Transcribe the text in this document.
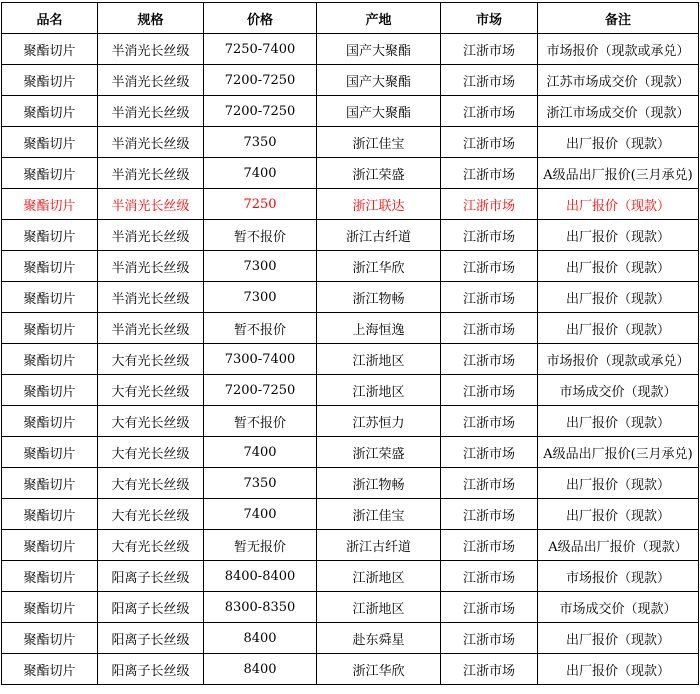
品名	规格	价格	产地	市场	备注
聚酯切片	半消光长丝级	7250-7400	国产大聚酯	江浙市场	市场报价（现款或承兑）
聚酯切片	半消光长丝级	7200-7250	国产大聚酯	江浙市场	江苏市场成交价（现款）
聚酯切片	半消光长丝级	7200-7250	国产大聚酯	江浙市场	浙江市场成交价（现款）
聚酯切片	半消光长丝级	7350	浙江佳宝	江浙市场	出厂报价（现款）
聚酯切片	半消光长丝级	7400	浙江荣盛	江浙市场	A级品出厂报价(三月承兑)
聚酯切片	半消光长丝级	7250	浙江联达	江浙市场	出厂报价（现款）
聚酯切片	半消光长丝级	暂不报价	浙江古纤道	江浙市场	出厂报价（现款）
聚酯切片	半消光长丝级	7300	浙江华欣	江浙市场	出厂报价（现款）
聚酯切片	半消光长丝级	7300	浙江物畅	江浙市场	出厂报价（现款）
聚酯切片	半消光长丝级	暂不报价	上海恒逸	江浙市场	出厂报价（现款）
聚酯切片	大有光长丝级	7300-7400	江浙地区	江浙市场	市场报价（现款或承兑）
聚酯切片	大有光长丝级	7200-7250	江浙地区	江浙市场	市场成交价（现款）
聚酯切片	大有光长丝级	暂不报价	江苏恒力	江浙市场	出厂报价（现款）
聚酯切片	大有光长丝级	7400	浙江荣盛	江浙市场	A级品出厂报价(三月承兑)
聚酯切片	大有光长丝级	7350	浙江物畅	江浙市场	出厂报价（现款）
聚酯切片	大有光长丝级	7400	浙江佳宝	江浙市场	出厂报价（现款）
聚酯切片	大有光长丝级	暂无报价	浙江古纤道	江浙市场	A级品出厂报价（现款）
聚酯切片	阳离子长丝级	8400-8400	江浙地区	江浙市场	市场报价（现款）
聚酯切片	阳离子长丝级	8300-8350	江浙地区	江浙市场	市场成交价（现款）
聚酯切片	阳离子长丝级	8400	赴东舜星	江浙市场	出厂报价（现款）
聚酯切片	阳离子长丝级	8400	浙江华欣	江浙市场	出厂报价（现款）
